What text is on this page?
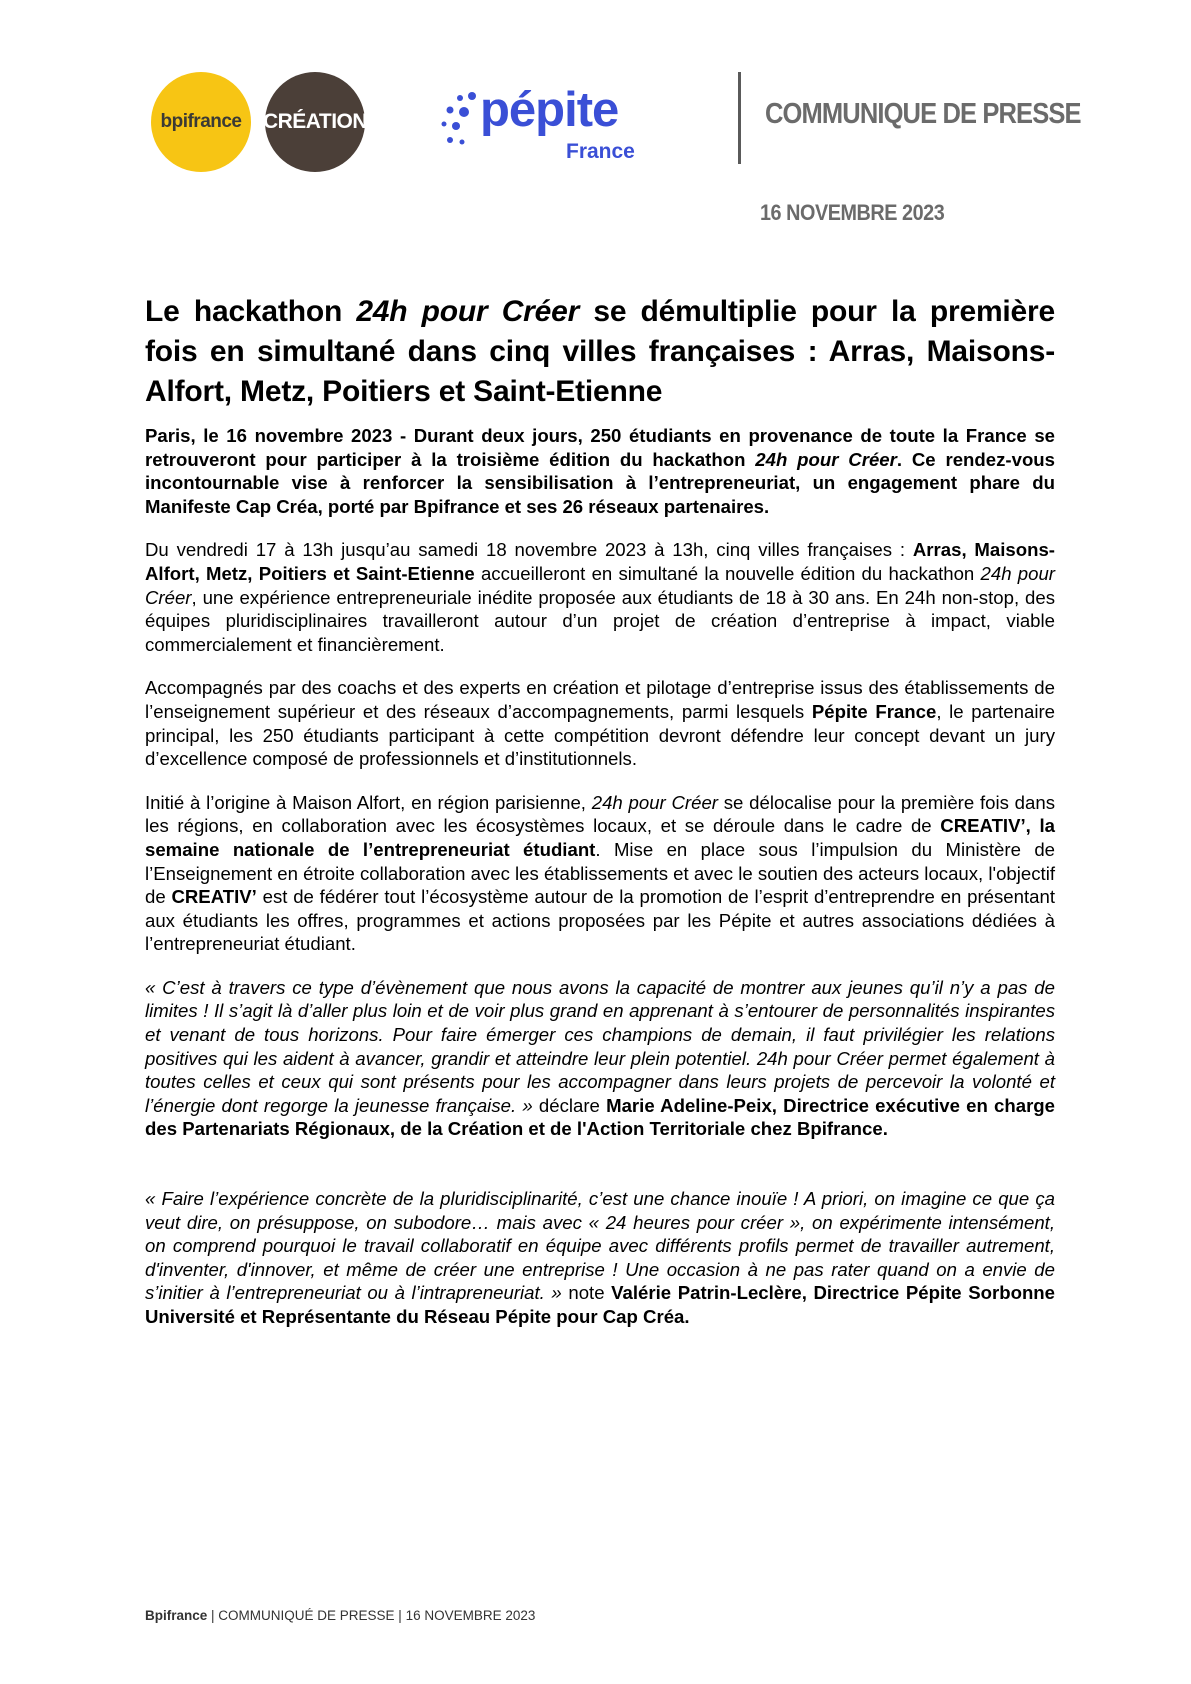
bpifrance CRÉATION pépite
France
COMMUNIQUE DE PRESSE
16 NOVEMBRE 2023
Le hackathon 24h pour Créer se démultiplie pour la première fois en simultané dans cinq villes françaises : Arras, Maisons-Alfort, Metz, Poitiers et Saint-Etienne

Paris, le 16 novembre 2023 - Durant deux jours, 250 étudiants en provenance de toute la France se retrouveront pour participer à la troisième édition du hackathon 24h pour Créer. Ce rendez-vous incontournable vise à renforcer la sensibilisation à l’entrepreneuriat, un engagement phare du Manifeste Cap Créa, porté par Bpifrance et ses 26 réseaux partenaires.

Du vendredi 17 à 13h jusqu’au samedi 18 novembre 2023 à 13h, cinq villes françaises : Arras, Maisons-Alfort, Metz, Poitiers et Saint-Etienne accueilleront en simultané la nouvelle édition du hackathon 24h pour Créer, une expérience entrepreneuriale inédite proposée aux étudiants de 18 à 30 ans. En 24h non-stop, des équipes pluridisciplinaires travailleront autour d’un projet de création d’entreprise à impact, viable commercialement et financièrement.

Accompagnés par des coachs et des experts en création et pilotage d’entreprise issus des établissements de l’enseignement supérieur et des réseaux d’accompagnements, parmi lesquels Pépite France, le partenaire principal, les 250 étudiants participant à cette compétition devront défendre leur concept devant un jury d’excellence composé de professionnels et d’institutionnels.

Initié à l’origine à Maison Alfort, en région parisienne, 24h pour Créer se délocalise pour la première fois dans les régions, en collaboration avec les écosystèmes locaux, et se déroule dans le cadre de CREATIV’, la semaine nationale de l’entrepreneuriat étudiant. Mise en place sous l’impulsion du Ministère de l’Enseignement en étroite collaboration avec les établissements et avec le soutien des acteurs locaux, l'objectif de CREATIV’ est de fédérer tout l’écosystème autour de la promotion de l’esprit d’entreprendre en présentant aux étudiants les offres, programmes et actions proposées par les Pépite et autres associations dédiées à l’entrepreneuriat étudiant.

« C’est à travers ce type d’évènement que nous avons la capacité de montrer aux jeunes qu’il n’y a pas de limites ! Il s’agit là d’aller plus loin et de voir plus grand en apprenant à s’entourer de personnalités inspirantes et venant de tous horizons. Pour faire émerger ces champions de demain, il faut privilégier les relations positives qui les aident à avancer, grandir et atteindre leur plein potentiel. 24h pour Créer permet également à toutes celles et ceux qui sont présents pour les accompagner dans leurs projets de percevoir la volonté et l’énergie dont regorge la jeunesse française. » déclare Marie Adeline-Peix, Directrice exécutive en charge des Partenariats Régionaux, de la Création et de l'Action Territoriale chez Bpifrance.

« Faire l’expérience concrète de la pluridisciplinarité, c’est une chance inouïe ! A priori, on imagine ce que ça veut dire, on présuppose, on subodore… mais avec « 24 heures pour créer », on expérimente intensément, on comprend pourquoi le travail collaboratif en équipe avec différents profils permet de travailler autrement, d'inventer, d'innover, et même de créer une entreprise ! Une occasion à ne pas rater quand on a envie de s’initier à l’entrepreneuriat ou à l’intrapreneuriat. » note Valérie Patrin-Leclère, Directrice Pépite Sorbonne Université et Représentante du Réseau Pépite pour Cap Créa.

Bpifrance | COMMUNIQUÉ DE PRESSE | 16 NOVEMBRE 2023
